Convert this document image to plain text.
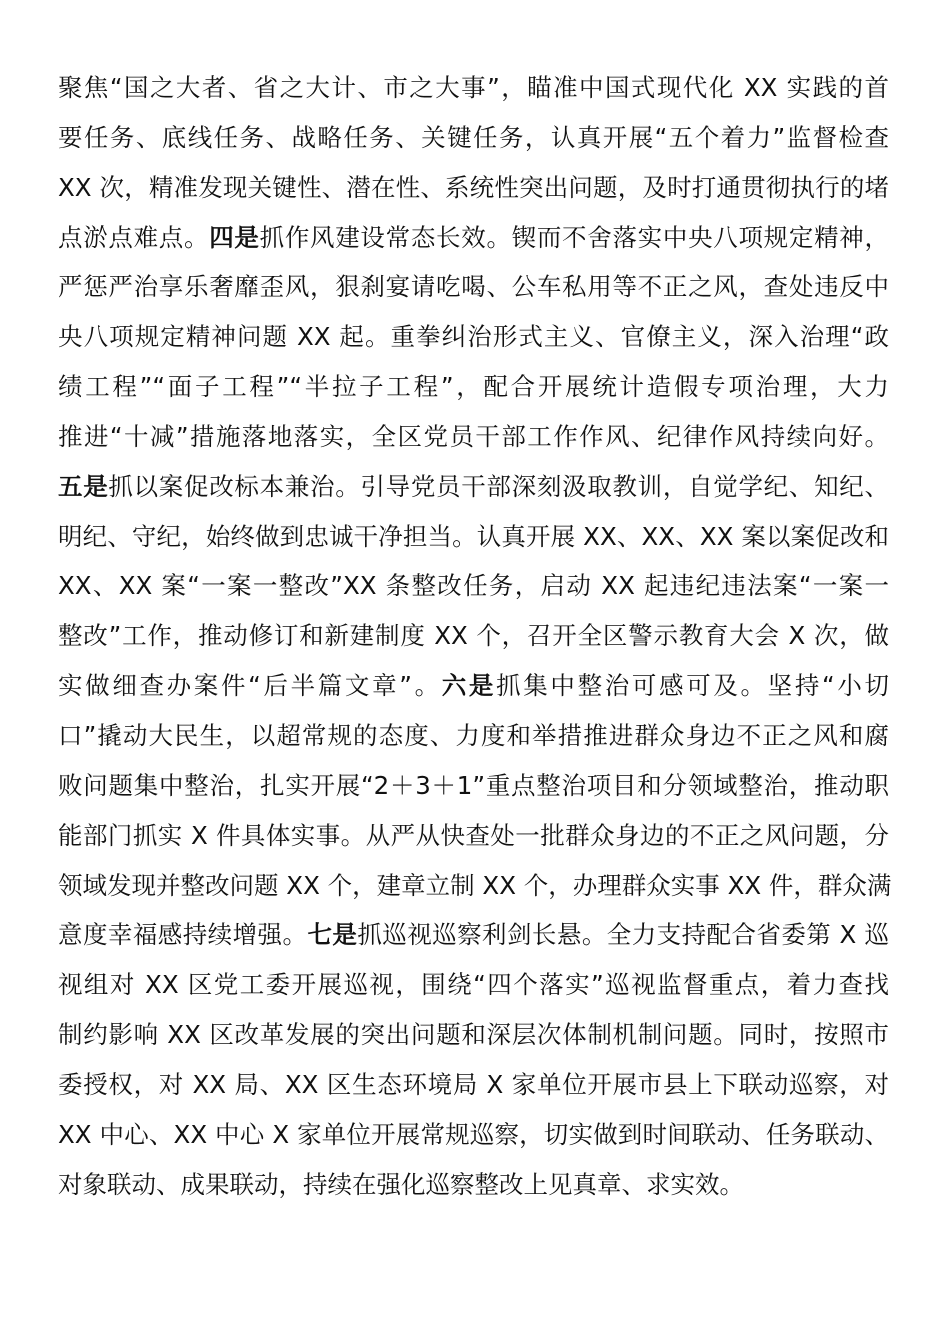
聚焦“国之大者、省之大计、市之大事”，瞄准中国式现代化 XX 实践的首
要任务、底线任务、战略任务、关键任务，认真开展“五个着力”监督检查
XX 次，精准发现关键性、潜在性、系统性突出问题，及时打通贯彻执行的堵
点淤点难点。四是抓作风建设常态长效。锲而不舍落实中央八项规定精神，
严惩严治享乐奢靡歪风，狠刹宴请吃喝、公车私用等不正之风，查处违反中
央八项规定精神问题 XX 起。重拳纠治形式主义、官僚主义，深入治理“政
绩工程”“面子工程”“半拉子工程”，配合开展统计造假专项治理，大力
推进“十减”措施落地落实，全区党员干部工作作风、纪律作风持续向好。
五是抓以案促改标本兼治。引导党员干部深刻汲取教训，自觉学纪、知纪、
明纪、守纪，始终做到忠诚干净担当。认真开展 XX、XX、XX 案以案促改和
XX、XX 案“一案一整改”XX 条整改任务，启动 XX 起违纪违法案“一案一
整改”工作，推动修订和新建制度 XX 个，召开全区警示教育大会 X 次，做
实做细查办案件“后半篇文章”。六是抓集中整治可感可及。坚持“小切
口”撬动大民生，以超常规的态度、力度和举措推进群众身边不正之风和腐
败问题集中整治，扎实开展“2＋3＋1”重点整治项目和分领域整治，推动职
能部门抓实 X 件具体实事。从严从快查处一批群众身边的不正之风问题，分
领域发现并整改问题 XX 个，建章立制 XX 个，办理群众实事 XX 件，群众满
意度幸福感持续增强。七是抓巡视巡察利剑长悬。全力支持配合省委第 X 巡
视组对 XX 区党工委开展巡视，围绕“四个落实”巡视监督重点，着力查找
制约影响 XX 区改革发展的突出问题和深层次体制机制问题。同时，按照市
委授权，对 XX 局、XX 区生态环境局 X 家单位开展市县上下联动巡察，对
XX 中心、XX 中心 X 家单位开展常规巡察，切实做到时间联动、任务联动、
对象联动、成果联动，持续在强化巡察整改上见真章、求实效。
